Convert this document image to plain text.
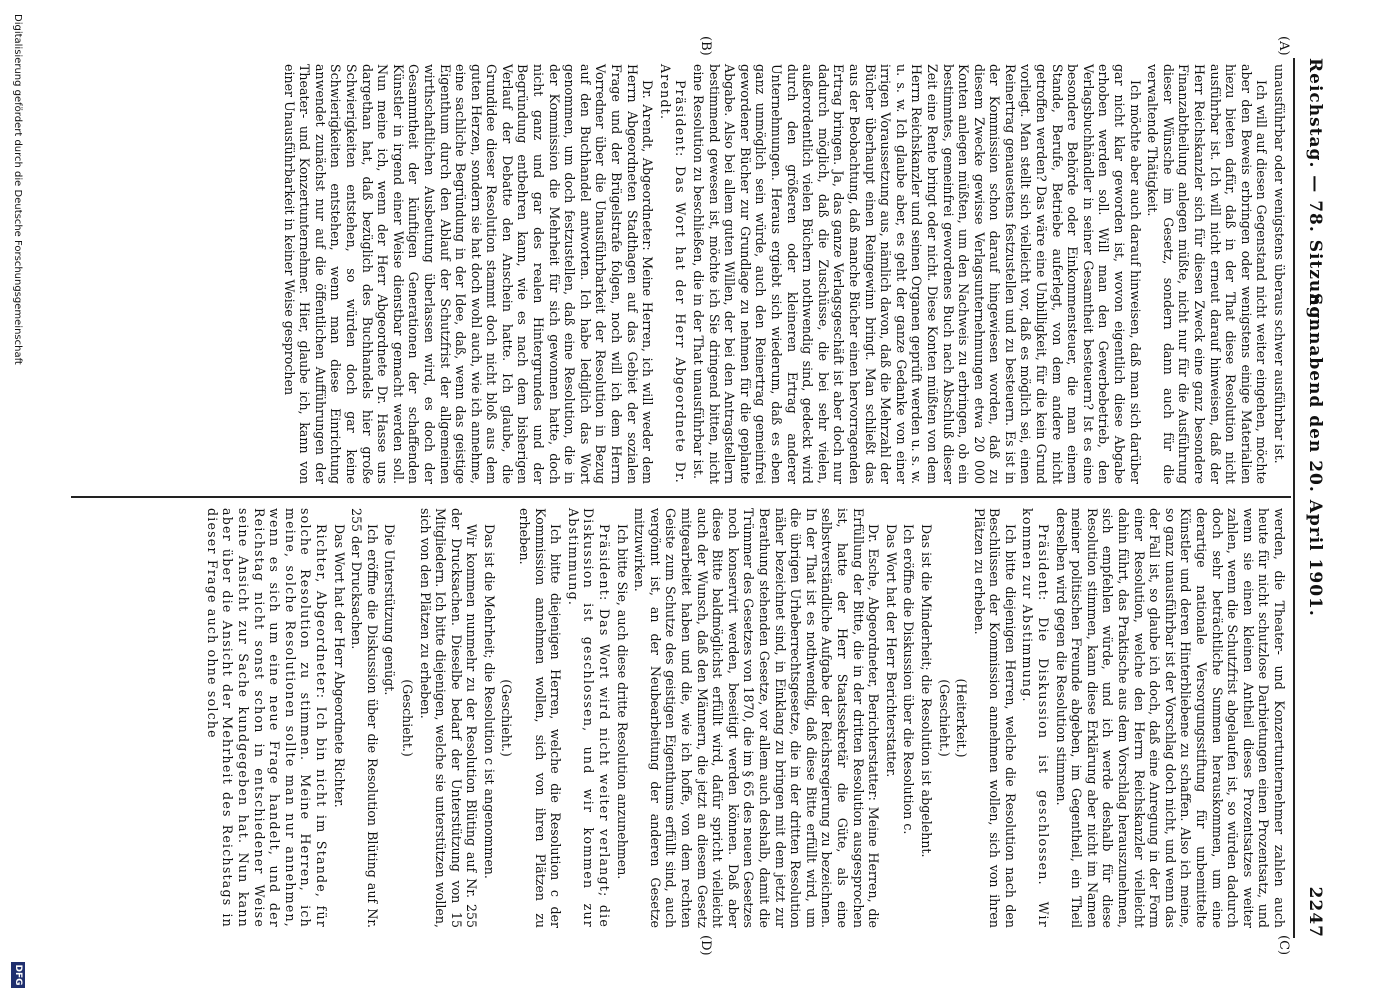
Reichstag. — 78. Sitzung.
Sonnabend den 20. April 1901.
2247
(A)
(B)
(C)
(D)

unausführbar oder wenigstens überaus schwer ausführbar ist.

Ich will auf diesen Gegenstand nicht weiter eingehen, möchte aber den Beweis erbringen oder wenigstens einige Materialien hiezu bieten dafür, daß in der That diese Resolution nicht ausführbar ist. Ich will nicht erneut darauf hinweisen, daß der Herr Reichskanzler sich für diesen Zweck eine ganz besondere Finanzabtheilung anlegen müßte, nicht nur für die Ausführung dieser Wünsche im Gesetz, sondern dann auch für die verwaltende Thätigkeit.

Ich möchte aber auch darauf hinweisen, daß man sich darüber gar nicht klar geworden ist, wovon eigentlich diese Abgabe erhoben werden soll. Will man den Gewerbebetrieb, den Verlagsbuchhändler in seiner Gesamtheit besteuern? Ist es eine besondere Behörde oder Einkommensteuer, die man einem Stande, Berufe, Betriebe auferlegt, von dem andere nicht getroffen werden? Das wäre eine Unbilligkeit, für die kein Grund vorliegt. Man stellt sich vielleicht vor, daß es möglich sei, einen Reinertrag genauestens festzustellen und zu besteuern. Es ist in der Kommission schon darauf hingewiesen worden, daß zu diesem Zwecke gewisse Verlagsunternehmungen etwa 20 000 Konten anlegen müßten, um den Nachweis zu erbringen, ob ein bestimmtes, gemeinfrei gewordenes Buch nach Abschluß dieser Zeit eine Rente bringt oder nicht. Diese Konten müßten von dem Herrn Reichskanzler und seinen Organen geprüft werden u. s. w. u. s. w. Ich glaube aber, es geht der ganze Gedanke von einer irrigen Voraussetzung aus, nämlich davon, daß die Mehrzahl der Bücher überhaupt einen Reingewinn bringt. Man schließt das aus der Beobachtung, daß manche Bücher einen hervorragenden Ertrag bringen. Ja, das ganze Verlagsgeschäft ist aber doch nur dadurch möglich, daß die Zuschüsse, die bei sehr vielen, außerordentlich vielen Büchern nothwendig sind, gedeckt wird durch den größeren oder kleineren Ertrag anderer Unternehmungen. Heraus ergiebt sich wiederum, daß es eben ganz unmöglich sein würde, auch den Reinertrag gemeinfrei gewordener Bücher zur Grundlage zu nehmen für die geplante Abgabe. Also bei allem guten Willen, der bei den Antragstellern bestimmend gewesen ist, möchte ich Sie dringend bitten, nicht eine Resolution zu beschließen, die in der That unausführbar ist.

Präsident: Das Wort hat der Herr Abgeordnete Dr. Arendt.

Dr. Arendt, Abgeordneter: Meine Herren, ich will weder dem Herrn Abgeordneten Stadthagen auf das Gebiet der sozialen Frage und der Brügelstrafe folgen, noch will ich dem Herrn Vorredner über die Unausführbarkeit der Resolution in Bezug auf den Buchhandel antworten. Ich habe lediglich das Wort genommen, um doch festzustellen, daß eine Resolution, die in der Kommission die Mehrheit für sich gewonnen hatte, doch nicht ganz und gar des realen Hintergrundes und der Begründung entbehren kann, wie es nach dem bisherigen Verlauf der Debatte den Anschein hatte. Ich glaube, die Grundidee dieser Resolution stammt doch nicht bloß aus dem guten Herzen, sondern sie hat doch wohl auch, wie ich annehme, eine sachliche Begründung in der Idee, daß, wenn das geistige Eigenthum durch den Ablauf der Schutzfrist der allgemeinen wirthschaftlichen Ausbeutung überlassen wird, es doch der Gesammtheit der künftigen Generationen der schaffenden Künstler in irgend einer Weise dienstbar gemacht werden soll. Nun meine ich, wenn der Herr Abgeordnete Dr. Hasse uns dargethan hat, daß bezüglich des Buchhandels hier große Schwierigkeiten entstehen, so würden doch gar keine Schwierigkeiten entstehen, wenn man diese Einrichtung anwendet zunächst nur auf die öffentlichen Aufführungen der Theater- und Konzertunternehmer. Hier, glaube ich, kann von einer Unausführbarkeit in keiner Weise gesprochen

werden, die Theater- und Konzertunternehmer zahlen auch heute für nicht schutzlose Darbietungen einen Prozentsatz, und wenn sie einen kleinen Antheil dieses Prozentsatzes weiter zahlen, wenn die Schutzfrist abgelaufen ist, so würden dadurch doch sehr beträchtliche Summen herauskommen, um eine derartige nationale Versorgungsstiftung für unbemittelte Künstler und deren Hinterbliebene zu schaffen. Also ich meine, so ganz unausführbar ist der Vorschlag doch nicht, und wenn das der Fall ist, so glaube ich doch, daß eine Anregung in der Form einer Resolution, welche den Herrn Reichskanzler vielleicht dahin führt, das Praktische aus dem Vorschlag herauszunehmen, sich empfehlen würde, und ich werde deshalb für diese Resolution stimmen, kann diese Erklärung aber nicht im Namen meiner politischen Freunde abgeben, im Gegentheil, ein Theil derselben wird gegen die Resolution stimmen.

Präsident: Die Diskussion ist geschlossen. Wir kommen zur Abstimmung.

Ich bitte diejenigen Herren, welche die Resolution nach den Beschlüssen der Kommission annehmen wollen, sich von ihren Plätzen zu erheben.

(Heiterkeit.)

(Geschieht.)

Das ist die Minderheit; die Resolution ist abgelehnt.

Ich eröffne die Diskussion über die Resolution c.

Das Wort hat der Herr Berichterstatter.

Dr. Esche, Abgeordneter, Berichterstatter: Meine Herren, die Erfüllung der Bitte, die in der dritten Resolution ausgesprochen ist, hatte der Herr Staatssekretär die Güte, als eine selbstverständliche Aufgabe der Reichsregierung zu bezeichnen. In der That ist es nothwendig, daß diese Bitte erfüllt wird, um die übrigen Urheberrechtsgesetze, die in der dritten Resolution näher bezeichnet sind, in Einklang zu bringen mit dem jetzt zur Berathung stehenden Gesetze, vor allem auch deshalb, damit die Trümmer des Gesetzes von 1870, die im § 65 des neuen Gesetzes noch konservirt werden, beseitigt werden können. Daß aber diese Bitte baldmöglichst erfüllt wird, dafür spricht vielleicht auch der Wunsch, daß den Männern, die jetzt an diesem Gesetz mitgearbeitet haben und die, wie ich hoffe, von dem rechten Geiste zum Schutze des geistigen Eigenthums erfüllt sind, auch vergönnt ist, an der Neubearbeitung der anderen Gesetze mitzuwirken.

Ich bitte Sie, auch diese dritte Resolution anzunehmen.

Präsident: Das Wort wird nicht weiter verlangt; die Diskussion ist geschlossen, und wir kommen zur Abstimmung.

Ich bitte diejenigen Herren, welche die Resolution c der Kommission annehmen wollen, sich von ihren Plätzen zu erheben.

(Geschieht.)

Das ist die Mehrheit; die Resolution c ist angenommen.

Wir kommen nunmehr zu der Resolution Blüting auf Nr. 255 der Drucksachen. Dieselbe bedarf der Unterstützung von 15 Mitgliedern. Ich bitte diejenigen, welche sie unterstützen wollen, sich von den Plätzen zu erheben.

(Geschieht.)

Die Unterstützung genügt.

Ich eröffne die Diskussion über die Resolution Blüting auf Nr. 255 der Drucksachen.

Das Wort hat der Herr Abgeordnete Richter.

Richter, Abgeordneter: Ich bin nicht im Stande, für solche Resolution zu stimmen. Meine Herren, ich meine, solche Resolutionen sollte man nur annehmen, wenn es sich um eine neue Frage handelt, und der Reichstag nicht sonst schon in entschiedener Weise seine Ansicht zur Sache kundgegeben hat. Nun kann aber über die Ansicht der Mehrheit des Reichstags in dieser Frage auch ohne solche

Digitalisierung gefördert durch die Deutsche Forschungsgemeinschaft
DFG
